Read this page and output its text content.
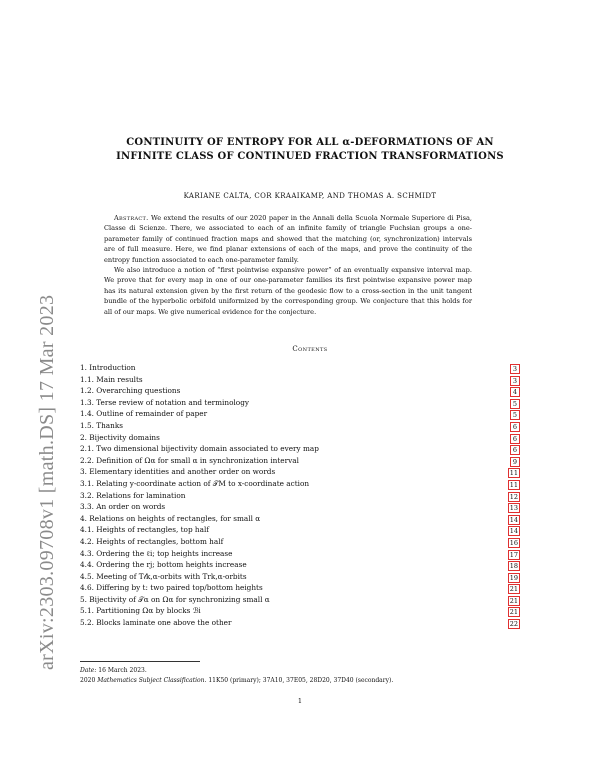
arXiv:2303.09708v1 [math.DS] 17 Mar 2023
CONTINUITY OF ENTROPY FOR ALL α-DEFORMATIONS OF AN
INFINITE CLASS OF CONTINUED FRACTION TRANSFORMATIONS
KARIANE CALTA, COR KRAAIKAMP, AND THOMAS A. SCHMIDT

Abstract. We extend the results of our 2020 paper in the Annali della Scuola Normale Superiore di Pisa, Classe di Scienze. There, we associated to each of an infinite family of triangle Fuchsian groups a one-parameter family of continued fraction maps and showed that the matching (or, synchronization) intervals are of full measure. Here, we find planar extensions of each of the maps, and prove the continuity of the entropy function associated to each one-parameter family.

We also introduce a notion of “first pointwise expansive power” of an eventually expansive interval map. We prove that for every map in one of our one-parameter families its first pointwise expansive power map has its natural extension given by the first return of the geodesic flow to a cross-section in the unit tangent bundle of the hyperbolic orbifold uniformized by the corresponding group. We conjecture that this holds for all of our maps. We give numerical evidence for the conjecture.

Contents
1. Introduction	3
1.1. Main results	3
1.2. Overarching questions	4
1.3. Terse review of notation and terminology	5
1.4. Outline of remainder of paper	5
1.5. Thanks	6
2. Bijectivity domains	6
2.1. Two dimensional bijectivity domain associated to every map	6
2.2. Definition of Ωα for small α in synchronization interval	9
3. Elementary identities and another order on words	11
3.1. Relating y-coordinate action of 𝒯M to x-coordinate action	11
3.2. Relations for lamination	12
3.3. An order on words	13
4. Relations on heights of rectangles, for small α	14
4.1. Heights of rectangles, top half	14
4.2. Heights of rectangles, bottom half	16
4.3. Ordering the ℓi; top heights increase	17
4.4. Ordering the rj; bottom heights increase	18
4.5. Meeting of T𝓁k,α-orbits with Trk,α-orbits	19
4.6. Differing by t: two paired top/bottom heights	21
5. Bijectivity of 𝒯α on Ωα for synchronizing small α	21
5.1. Partitioning Ωα by blocks ℬi	21
5.2. Blocks laminate one above the other	22
Date: 16 March 2023.
2020 Mathematics Subject Classification. 11K50 (primary); 37A10, 37E05, 28D20, 37D40 (secondary).
1
